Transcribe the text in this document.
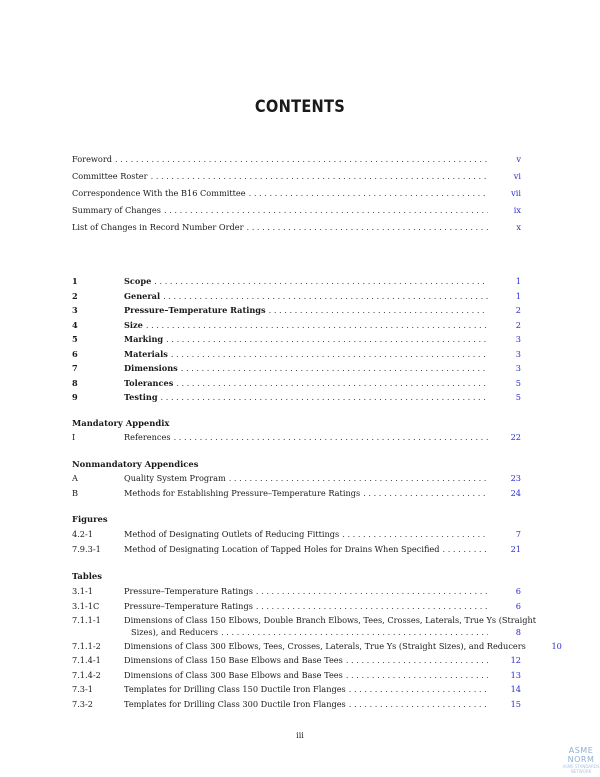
CONTENTS
Foreword . . .	v
Committee Roster . . .	vi
Correspondence With the B16 Committee . . .	vii
Summary of Changes . . .	ix
List of Changes in Record Number Order . . .	x
1	Scope . . .	1
2	General . . .	1
3	Pressure–Temperature Ratings . . .	2
4	Size . . .	2
5	Marking . . .	3
6	Materials . . .	3
7	Dimensions . . .	3
8	Tolerances . . .	5
9	Testing . . .	5
Mandatory Appendix
I	References . . .	22
Nonmandatory Appendices
A	Quality System Program . . .	23
B	Methods for Establishing Pressure–Temperature Ratings . . .	24
Figures
4.2-1	Method of Designating Outlets of Reducing Fittings . . .	7
7.9.3-1	Method of Designating Location of Tapped Holes for Drains When Specified . . .	21
Tables
3.1-1	Pressure–Temperature Ratings . . .	6
3.1-1C	Pressure–Temperature Ratings . . .	6
7.1.1-1	Dimensions of Class 150 Elbows, Double Branch Elbows, Tees, Crosses, Laterals, True Ys (Straight
Sizes), and Reducers . . .	8
7.1.1-2	Dimensions of Class 300 Elbows, Tees, Crosses, Laterals, True Ys (Straight Sizes), and Reducers	10
7.1.4-1	Dimensions of Class 150 Base Elbows and Base Tees . . .	12
7.1.4-2	Dimensions of Class 300 Base Elbows and Base Tees . . .	13
7.3-1	Templates for Drilling Class 150 Ductile Iron Flanges . . .	14
7.3-2	Templates for Drilling Class 300 Ductile Iron Flanges . . .	15
iii
ASME NORM
ASME STANDARDS NETWORK
